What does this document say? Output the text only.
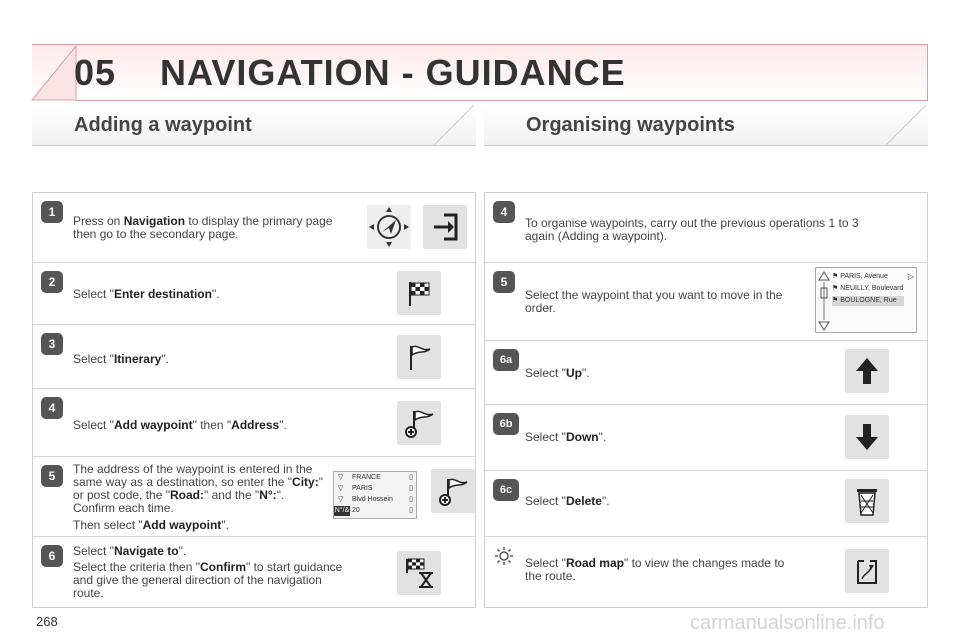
05 NAVIGATION - GUIDANCE
Adding a waypoint	Organising waypoints
1
Press on Navigation to display the primary page then go to the secondary page.
2
Select "Enter destination".
3
Select "Itinerary".
4
Select "Add waypoint" then "Address".
5	The address of the waypoint is entered in the same way as a destination, so enter the "City:" or post code, the "Road:" and the "N°:". Confirm each time.
Then select "Add waypoint".
▽ FRANCE	▯
▽ PARIS	▯
▽ Blvd Hossein ▯
N°/& 20	▯
6	Select "Navigate to".
Select the criteria then "Confirm" to start guidance and give the general direction of the navigation route.
4
To organise waypoints, carry out the previous operations 1 to 3 again (Adding a waypoint).
5
Select the waypoint that you want to move in the order.
⚑ PARIS, Avenue
⚑ NEUILLY, Boulevard
⚑ BOULOGNE, Rue
▷
6a
Select "Up".
6b
Select "Down".
6c
Select "Delete".
Select "Road map" to view the changes made to the route.
268	carmanualsonline.info
